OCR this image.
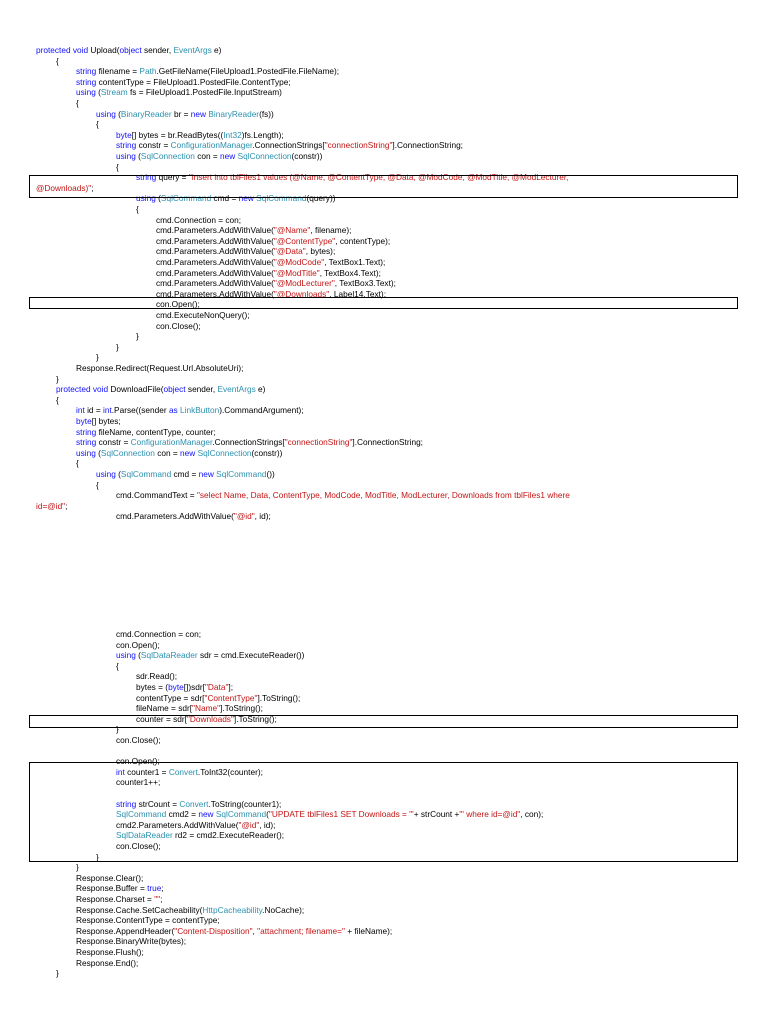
protected void Upload(object sender, EventArgs e)
{
string filename = Path.GetFileName(FileUpload1.PostedFile.FileName);
string contentType = FileUpload1.PostedFile.ContentType;
using (Stream fs = FileUpload1.PostedFile.InputStream)
{
using (BinaryReader br = new BinaryReader(fs))
{
byte[] bytes = br.ReadBytes((Int32)fs.Length);
string constr = ConfigurationManager.ConnectionStrings["connectionString"].ConnectionString;
using (SqlConnection con = new SqlConnection(constr))
{
string query = "insert into tblFiles1 values (@Name, @ContentType, @Data, @ModCode, @ModTitle, @ModLecturer,
@Downloads)";
using (SqlCommand cmd = new SqlCommand(query))
{
cmd.Connection = con;
cmd.Parameters.AddWithValue("@Name", filename);
cmd.Parameters.AddWithValue("@ContentType", contentType);
cmd.Parameters.AddWithValue("@Data", bytes);
cmd.Parameters.AddWithValue("@ModCode", TextBox1.Text);
cmd.Parameters.AddWithValue("@ModTitle", TextBox4.Text);
cmd.Parameters.AddWithValue("@ModLecturer", TextBox3.Text);
cmd.Parameters.AddWithValue("@Downloads", Label14.Text);
con.Open();
cmd.ExecuteNonQuery();
con.Close();
}
}
}
Response.Redirect(Request.Url.AbsoluteUri);
}
protected void DownloadFile(object sender, EventArgs e)
{
int id = int.Parse((sender as LinkButton).CommandArgument);
byte[] bytes;
string fileName, contentType, counter;
string constr = ConfigurationManager.ConnectionStrings["connectionString"].ConnectionString;
using (SqlConnection con = new SqlConnection(constr))
{
using (SqlCommand cmd = new SqlCommand())
{
cmd.CommandText = "select Name, Data, ContentType, ModCode, ModTitle, ModLecturer, Downloads from tblFiles1 where
id=@id";
cmd.Parameters.AddWithValue("@id", id);
cmd.Connection = con;
con.Open();
using (SqlDataReader sdr = cmd.ExecuteReader())
{
sdr.Read();
bytes = (byte[])sdr["Data"];
contentType = sdr["ContentType"].ToString();
fileName = sdr["Name"].ToString();
counter = sdr["Downloads"].ToString();
}
con.Close();
con.Open();
int counter1 = Convert.ToInt32(counter);
counter1++;
string strCount = Convert.ToString(counter1);
SqlCommand cmd2 = new SqlCommand("UPDATE tblFiles1 SET Downloads = '"+ strCount +"' where id=@id", con);
cmd2.Parameters.AddWithValue("@id", id);
SqlDataReader rd2 = cmd2.ExecuteReader();
con.Close();
}
}
Response.Clear();
Response.Buffer = true;
Response.Charset = "";
Response.Cache.SetCacheability(HttpCacheability.NoCache);
Response.ContentType = contentType;
Response.AppendHeader("Content-Disposition", "attachment; filename=" + fileName);
Response.BinaryWrite(bytes);
Response.Flush();
Response.End();
}
